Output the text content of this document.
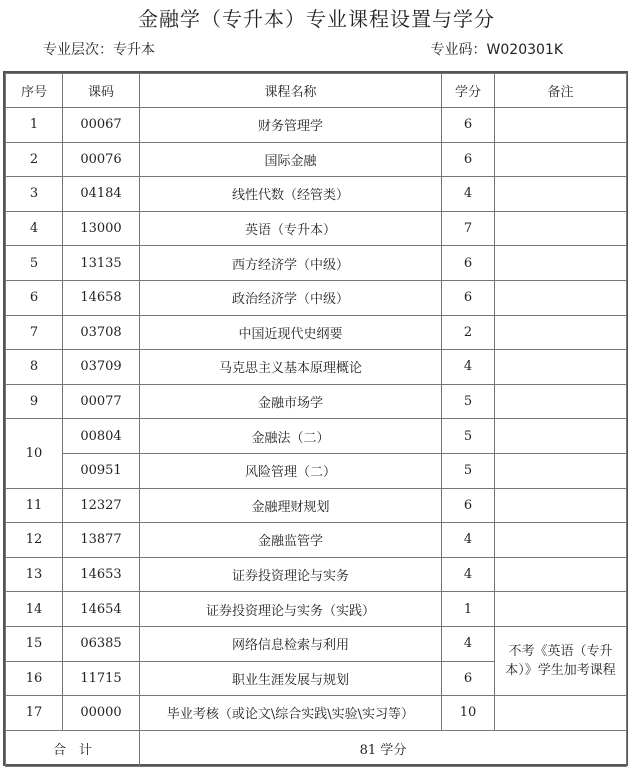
金融学（专升本）专业课程设置与学分
专业层次：专升本	专业码：W020301K
序号	课码	课程名称	学分	备注
1	00067	财务管理学	6	
2	00076	国际金融	6	
3	04184	线性代数（经管类）	4	
4	13000	英语（专升本）	7	
5	13135	西方经济学（中级）	6	
6	14658	政治经济学（中级）	6	
7	03708	中国近现代史纲要	2	
8	03709	马克思主义基本原理概论	4	
9	00077	金融市场学	5	
10	00804	金融法（二）	5	
	00951	风险管理（二）	5	
11	12327	金融理财规划	6	
12	13877	金融监管学	4	
13	14653	证券投资理论与实务	4	
14	14654	证券投资理论与实务（实践）	1	
15	06385	网络信息检索与利用	4	不考《英语（专升本）》学生加考课程
16	11715	职业生涯发展与规划	6	
17	00000	毕业考核（或论文\综合实践\实验\实习等）	10	
合　计		81 学分		
